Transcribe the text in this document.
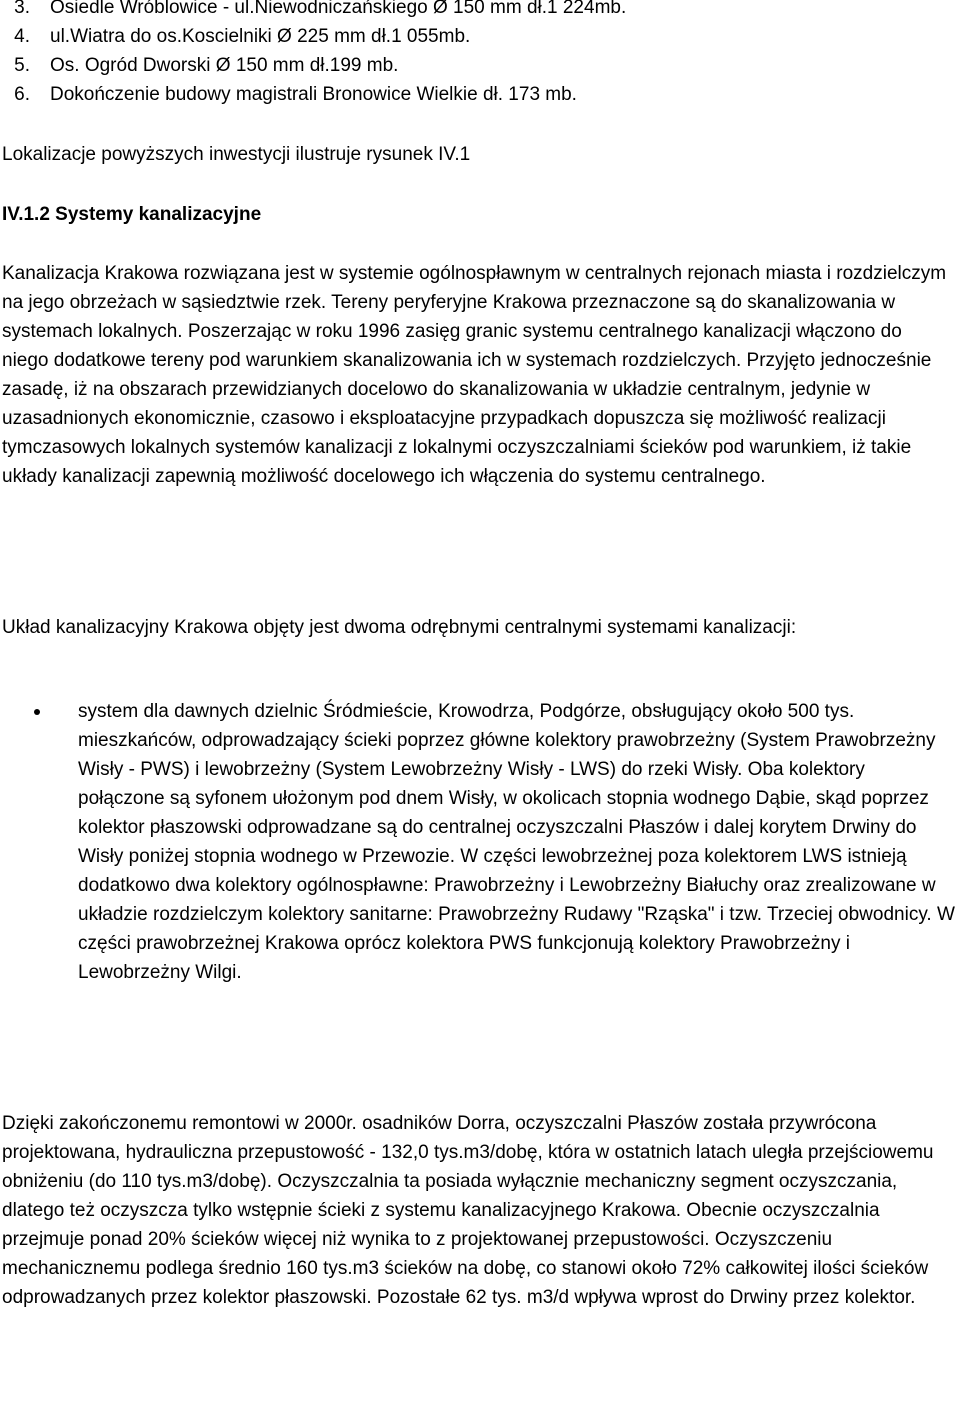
3.	Osiedle Wróblowice - ul.Niewodniczańskiego Ø 150 mm dł.1 224mb.
4.	ul.Wiatra do os.Koscielniki Ø 225 mm dł.1 055mb.
5.	Os. Ogród Dworski Ø 150 mm dł.199 mb.
6.	Dokończenie budowy magistrali Bronowice Wielkie dł. 173 mb.

Lokalizacje powyższych inwestycji ilustruje rysunek IV.1

IV.1.2 Systemy kanalizacyjne

Kanalizacja Krakowa rozwiązana jest w systemie ogólnospławnym w centralnych rejonach miasta i rozdzielczym na jego obrzeżach w sąsiedztwie rzek. Tereny peryferyjne Krakowa przeznaczone są do skanalizowania w systemach lokalnych. Poszerzając w roku 1996 zasięg granic systemu centralnego kanalizacji włączono do niego dodatkowe tereny pod warunkiem skanalizowania ich w systemach rozdzielczych. Przyjęto jednocześnie zasadę, iż na obszarach przewidzianych docelowo do skanalizowania w układzie centralnym, jedynie w uzasadnionych ekonomicznie, czasowo i eksploatacyjne przypadkach dopuszcza się możliwość realizacji tymczasowych lokalnych systemów kanalizacji z lokalnymi oczyszczalniami ścieków pod warunkiem, iż takie układy kanalizacji zapewnią możliwość docelowego ich włączenia do systemu centralnego.

Układ kanalizacyjny Krakowa objęty jest dwoma odrębnymi centralnymi systemami kanalizacji:

system dla dawnych dzielnic Śródmieście, Krowodrza, Podgórze, obsługujący około 500 tys. mieszkańców, odprowadzający ścieki poprzez główne kolektory prawobrzeżny (System Prawobrzeżny Wisły - PWS) i lewobrzeżny (System Lewobrzeżny Wisły - LWS) do rzeki Wisły. Oba kolektory połączone są syfonem ułożonym pod dnem Wisły, w okolicach stopnia wodnego Dąbie, skąd poprzez kolektor płaszowski odprowadzane są do centralnej oczyszczalni Płaszów i dalej korytem Drwiny do Wisły poniżej stopnia wodnego w Przewozie. W części lewobrzeżnej poza kolektorem LWS istnieją dodatkowo dwa kolektory ogólnospławne: Prawobrzeżny i Lewobrzeżny Białuchy oraz zrealizowane w układzie rozdzielczym kolektory sanitarne: Prawobrzeżny Rudawy "Rząska" i tzw. Trzeciej obwodnicy. W części prawobrzeżnej Krakowa oprócz kolektora PWS funkcjonują kolektory Prawobrzeżny i Lewobrzeżny Wilgi.

Dzięki zakończonemu remontowi w 2000r. osadników Dorra, oczyszczalni Płaszów została przywrócona projektowana, hydrauliczna przepustowość - 132,0 tys.m3/dobę, która w ostatnich latach uległa przejściowemu obniżeniu (do 110 tys.m3/dobę). Oczyszczalnia ta posiada wyłącznie mechaniczny segment oczyszczania, dlatego też oczyszcza tylko wstępnie ścieki z systemu kanalizacyjnego Krakowa. Obecnie oczyszczalnia przejmuje ponad 20% ścieków więcej niż wynika to z projektowanej przepustowości. Oczyszczeniu mechanicznemu podlega średnio 160 tys.m3 ścieków na dobę, co stanowi około 72% całkowitej ilości ścieków odprowadzanych przez kolektor płaszowski. Pozostałe 62 tys. m3/d wpływa wprost do Drwiny przez kolektor.
